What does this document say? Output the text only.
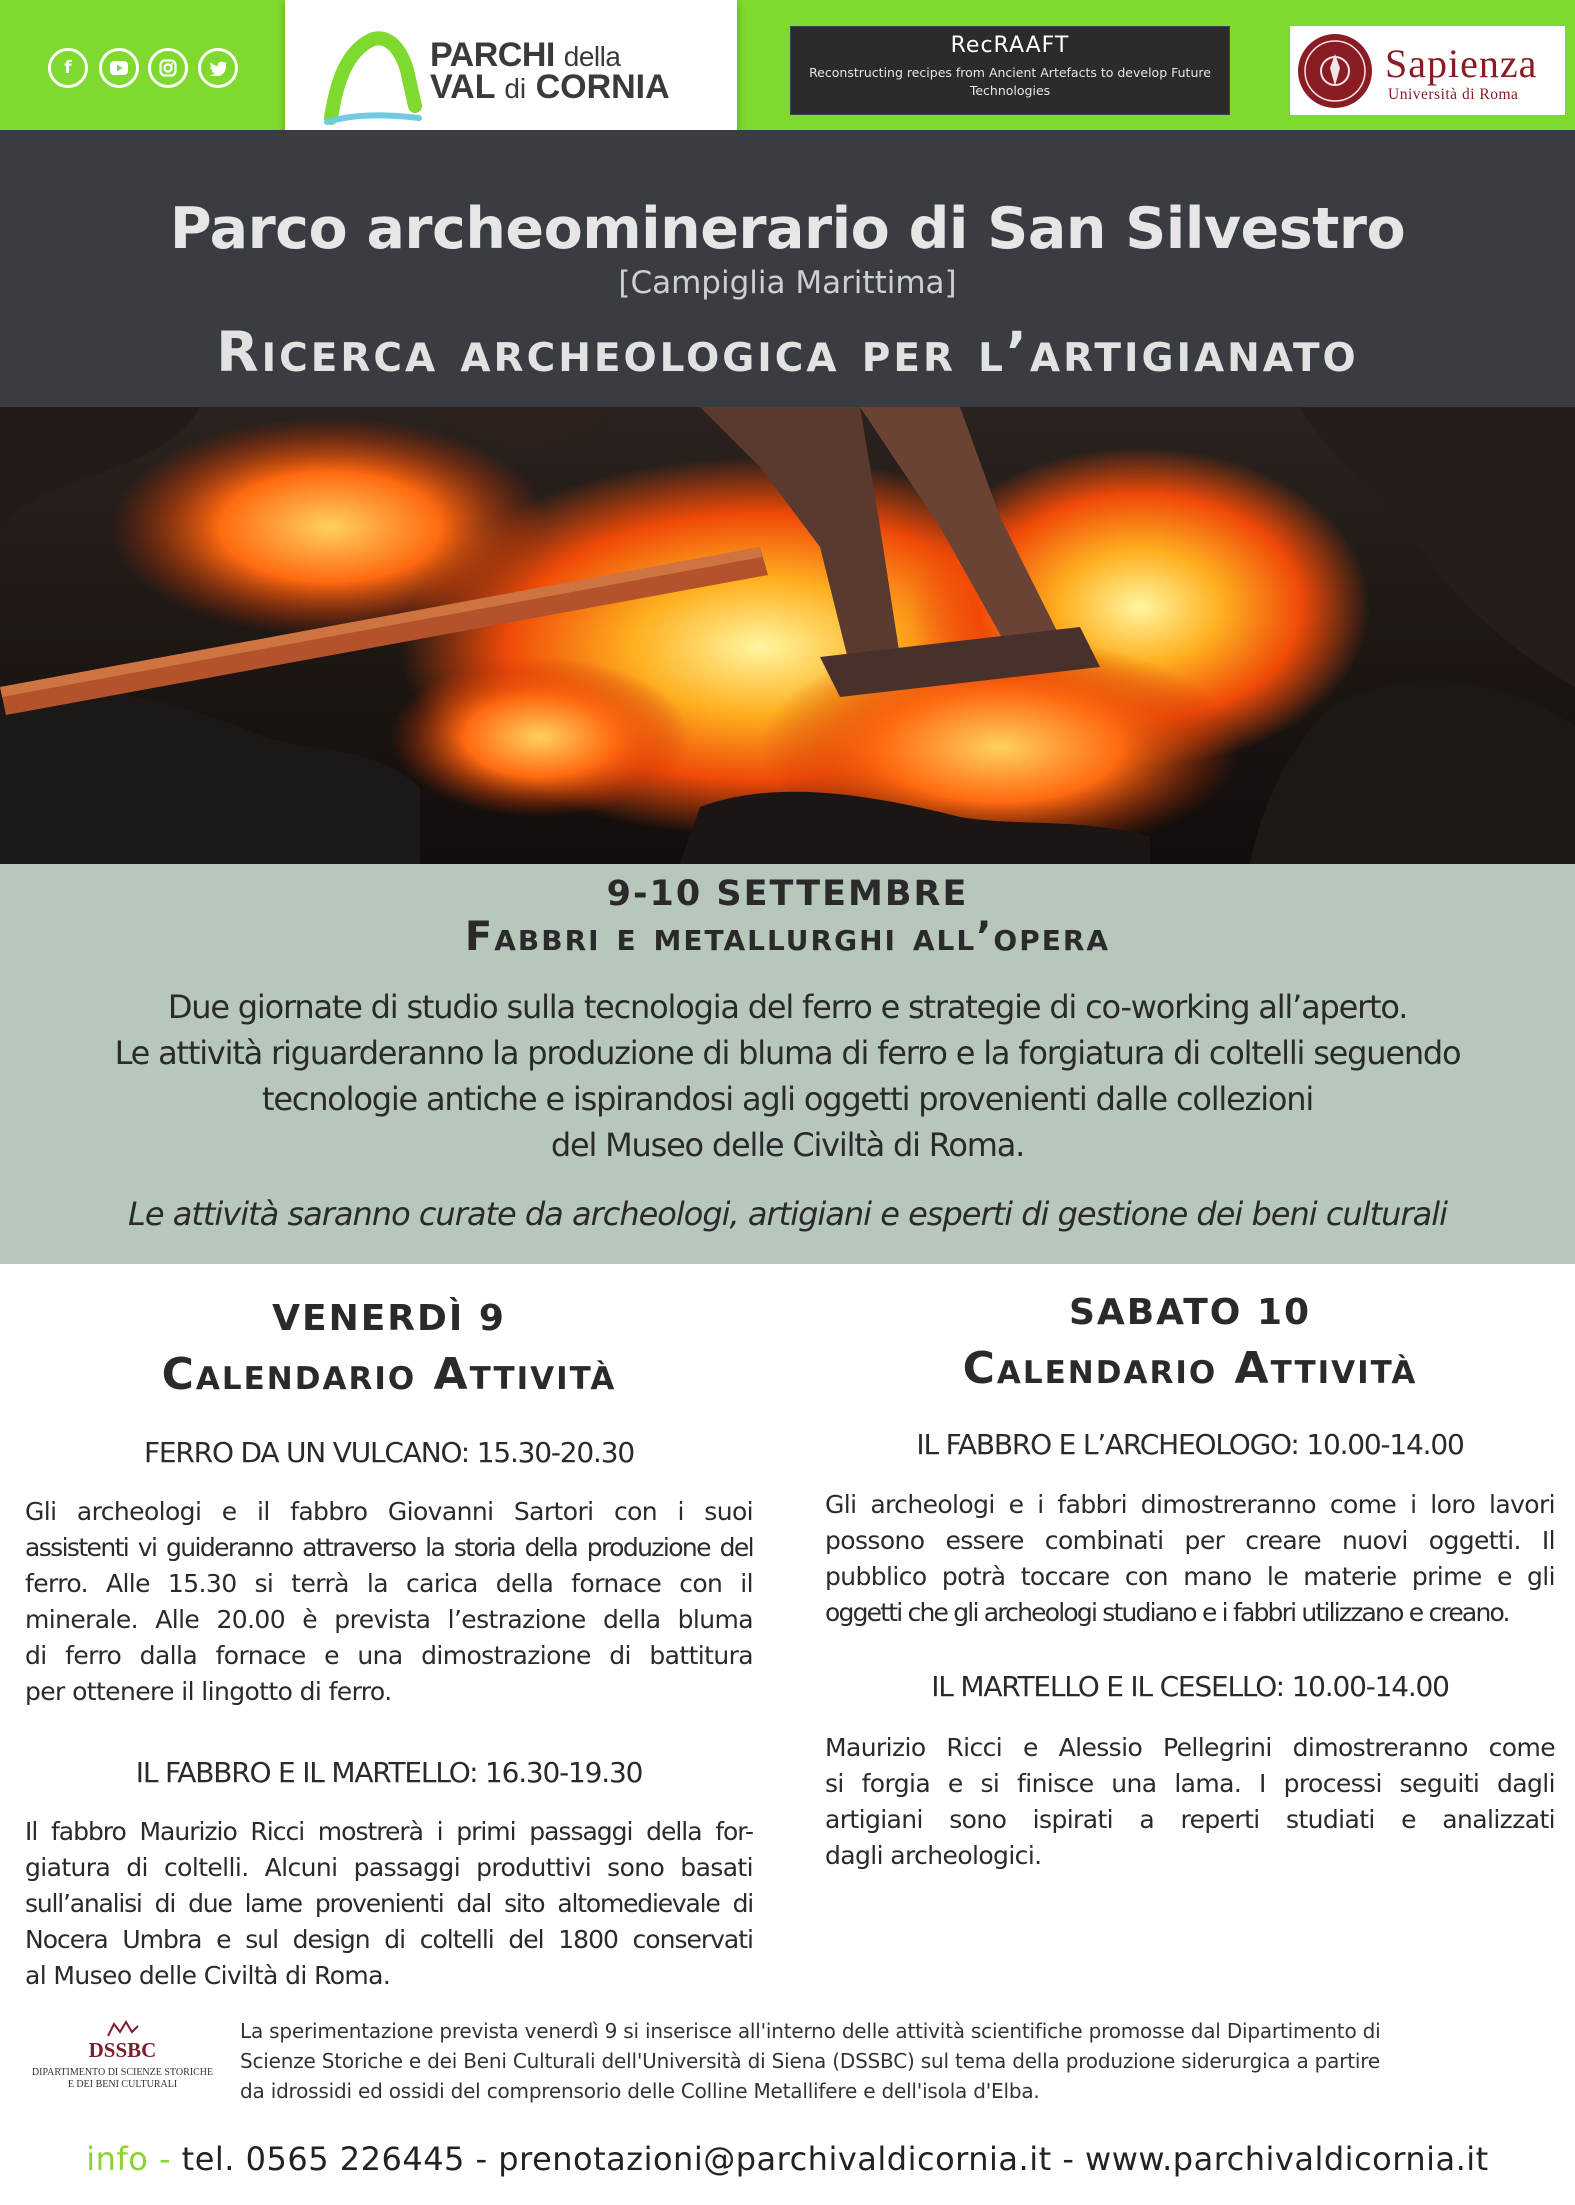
f	PARCHI della
VAL di CORNIA
RecRAAFT
Reconstructing recipes from Ancient Artefacts to develop Future
Technologies
Sapienza
Università di Roma
Parco archeominerario di San Silvestro
[Campiglia Marittima]
Ricerca archeologica per l’artigianato
9-10 SETTEMBRE
Fabbri e metallurghi all’opera
Due giornate di studio sulla tecnologia del ferro e strategie di co-working all’aperto.
Le attività riguarderanno la produzione di bluma di ferro e la forgiatura di coltelli seguendo
tecnologie antiche e ispirandosi agli oggetti provenienti dalle collezioni
del Museo delle Civiltà di Roma.
Le attività saranno curate da archeologi, artigiani e esperti di gestione dei beni culturali
VENERDÌ 9
Calendario Attività
FERRO DA UN VULCANO: 15.30-20.30
Gli archeologi e il fabbro Giovanni Sartori con i suoi
assistenti vi guideranno attraverso la storia della produzione del
ferro. Alle 15.30 si terrà la carica della fornace con il
minerale. Alle 20.00 è prevista l’estrazione della bluma
di ferro dalla fornace e una dimostrazione di battitura
per ottenere il lingotto di ferro.
IL FABBRO E IL MARTELLO: 16.30-19.30
Il fabbro Maurizio Ricci mostrerà i primi passaggi della for-
giatura di coltelli. Alcuni passaggi produttivi sono basati
sull’analisi di due lame provenienti dal sito altomedievale di
Nocera Umbra e sul design di coltelli del 1800 conservati
al Museo delle Civiltà di Roma.
SABATO 10
Calendario Attività
IL FABBRO E L’ARCHEOLOGO: 10.00-14.00
Gli archeologi e i fabbri dimostreranno come i loro lavori
possono essere combinati per creare nuovi oggetti. Il
pubblico potrà toccare con mano le materie prime e gli
oggetti che gli archeologi studiano e i fabbri utilizzano e creano.
IL MARTELLO E IL CESELLO: 10.00-14.00
Maurizio Ricci e Alessio Pellegrini dimostreranno come
si forgia e si finisce una lama. I processi seguiti dagli
artigiani sono ispirati a reperti studiati e analizzati
dagli archeologici.
DSSBC
DIPARTIMENTO DI SCIENZE STORICHE
E DEI BENI CULTURALI
La sperimentazione prevista venerdì 9 si inserisce all'interno delle attività scientifiche promosse dal Dipartimento di
Scienze Storiche e dei Beni Culturali dell'Università di Siena (DSSBC) sul tema della produzione siderurgica a partire
da idrossidi ed ossidi del comprensorio delle Colline Metallifere e dell'isola d'Elba.
info - tel. 0565 226445 - prenotazioni@parchivaldicornia.it - www.parchivaldicornia.it
